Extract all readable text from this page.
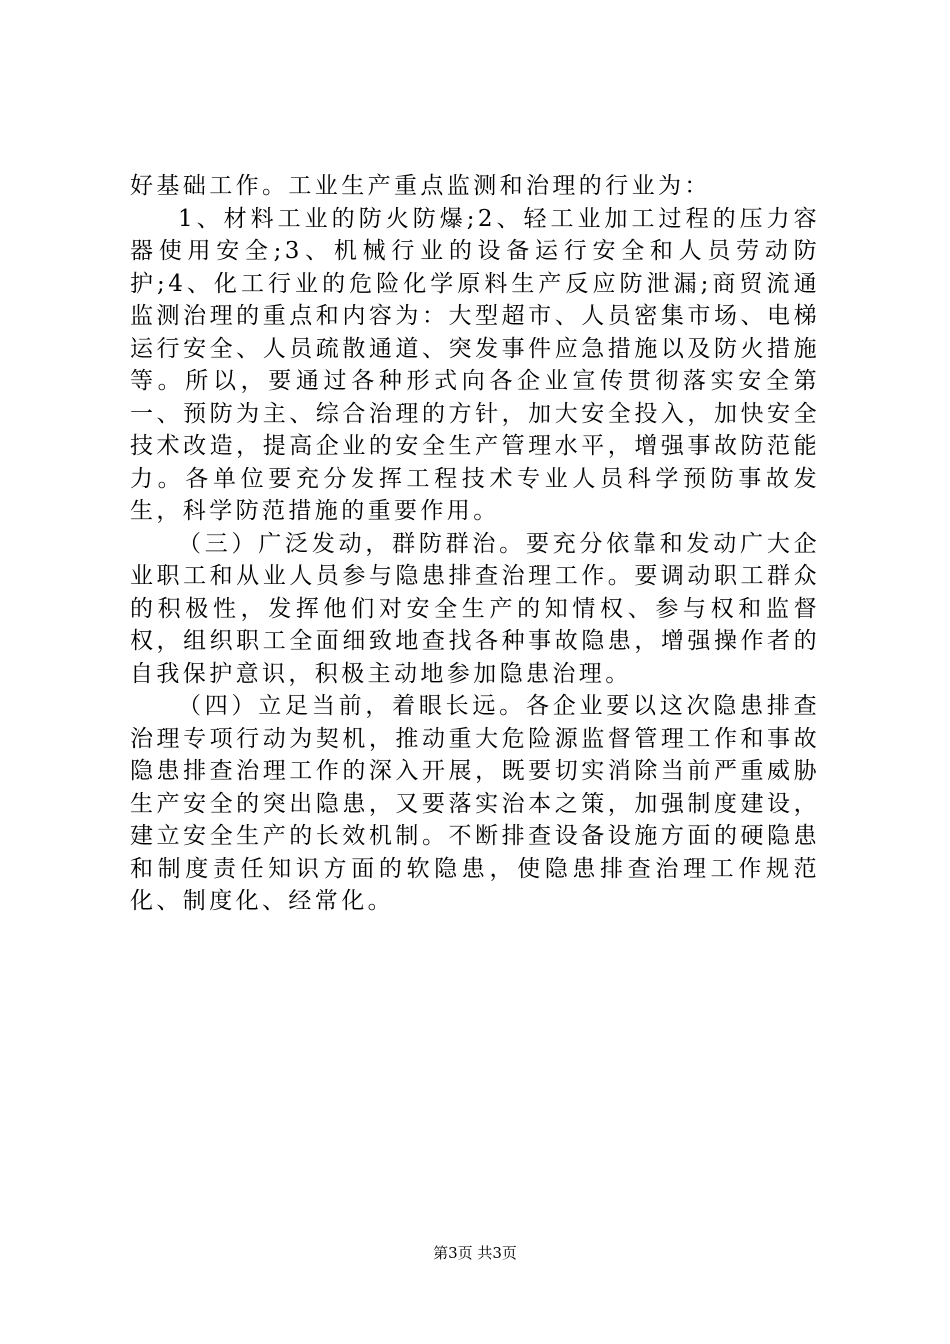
好基础工作。工业生产重点监测和治理的行业为：

1、材料工业的防火防爆;2、轻工业加工过程的压力容器使用安全;3、机械行业的设备运行安全和人员劳动防护;4、化工行业的危险化学原料生产反应防泄漏;商贸流通监测治理的重点和内容为：大型超市、人员密集市场、电梯运行安全、人员疏散通道、突发事件应急措施以及防火措施等。所以，要通过各种形式向各企业宣传贯彻落实安全第一、预防为主、综合治理的方针，加大安全投入，加快安全技术改造，提高企业的安全生产管理水平，增强事故防范能力。各单位要充分发挥工程技术专业人员科学预防事故发生，科学防范措施的重要作用。

（三）广泛发动，群防群治。要充分依靠和发动广大企业职工和从业人员参与隐患排查治理工作。要调动职工群众的积极性，发挥他们对安全生产的知情权、参与权和监督权，组织职工全面细致地查找各种事故隐患，增强操作者的自我保护意识，积极主动地参加隐患治理。

（四）立足当前，着眼长远。各企业要以这次隐患排查治理专项行动为契机，推动重大危险源监督管理工作和事故隐患排查治理工作的深入开展，既要切实消除当前严重威胁生产安全的突出隐患，又要落实治本之策，加强制度建设，建立安全生产的长效机制。不断排查设备设施方面的硬隐患和制度责任知识方面的软隐患，使隐患排查治理工作规范化、制度化、经常化。

第3页 共3页
